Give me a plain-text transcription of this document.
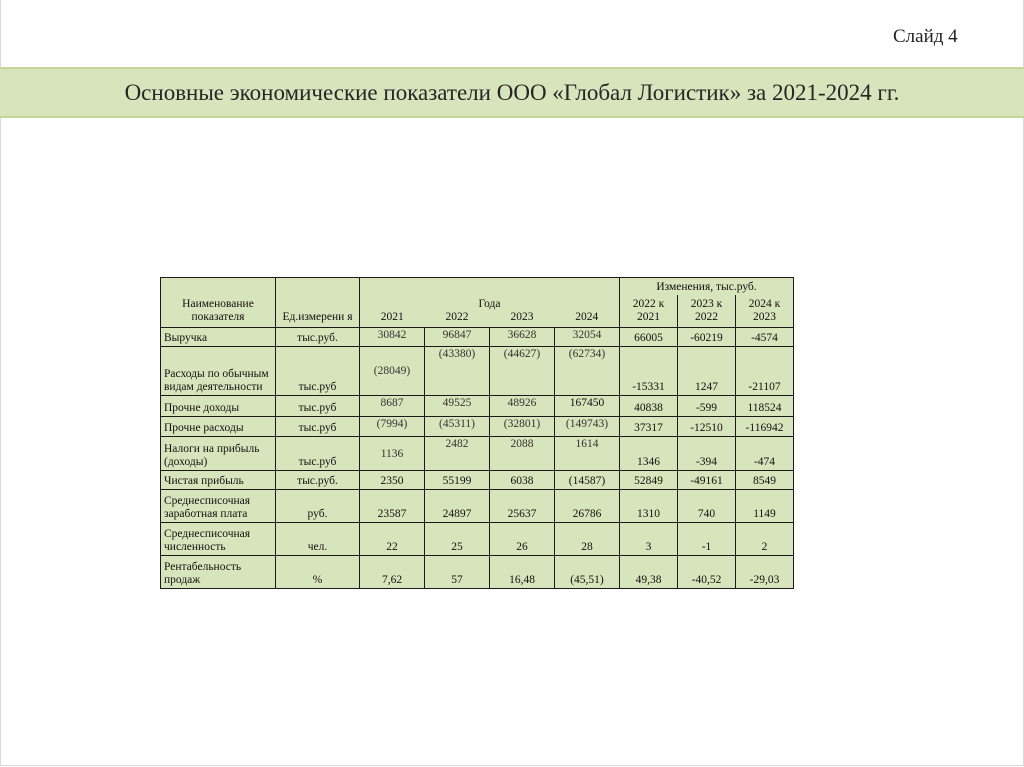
Слайд 4
Основные экономические показатели ООО «Глобал Логистик» за 2021-2024 гг.
Наименование показателя	Ед.измерени я	Года				Изменения, тыс.руб.		
						2022 к	2023 к	2024 к
		2021	2022	2023	2024	2021	2022	2023
Выручка	тыс.руб.	30842	96847	36628	32054	66005	-60219	-4574
Расходы по обычным видам деятельности	тыс.руб	(28049)	(43380)	(44627)	(62734)	-15331	1247	-21107
Прочне доходы	тыс.руб	8687	49525	48926	167450	40838	-599	118524
Прочне расходы	тыс.руб	(7994)	(45311)	(32801)	(149743)	37317	-12510	-116942
Налоги на прибыль (доходы)	тыс.руб	1136	2482	2088	1614	1346	-394	-474
Чистая прибыль	тыс.руб.	2350	55199	6038	(14587)	52849	-49161	8549
Среднесписочная заработная плата	руб.	23587	24897	25637	26786	1310	740	1149
Среднесписочная численность	чел.	22	25	26	28	3	-1	2
Рентабельность продаж	%	7,62	57	16,48	(45,51)	49,38	-40,52	-29,03
